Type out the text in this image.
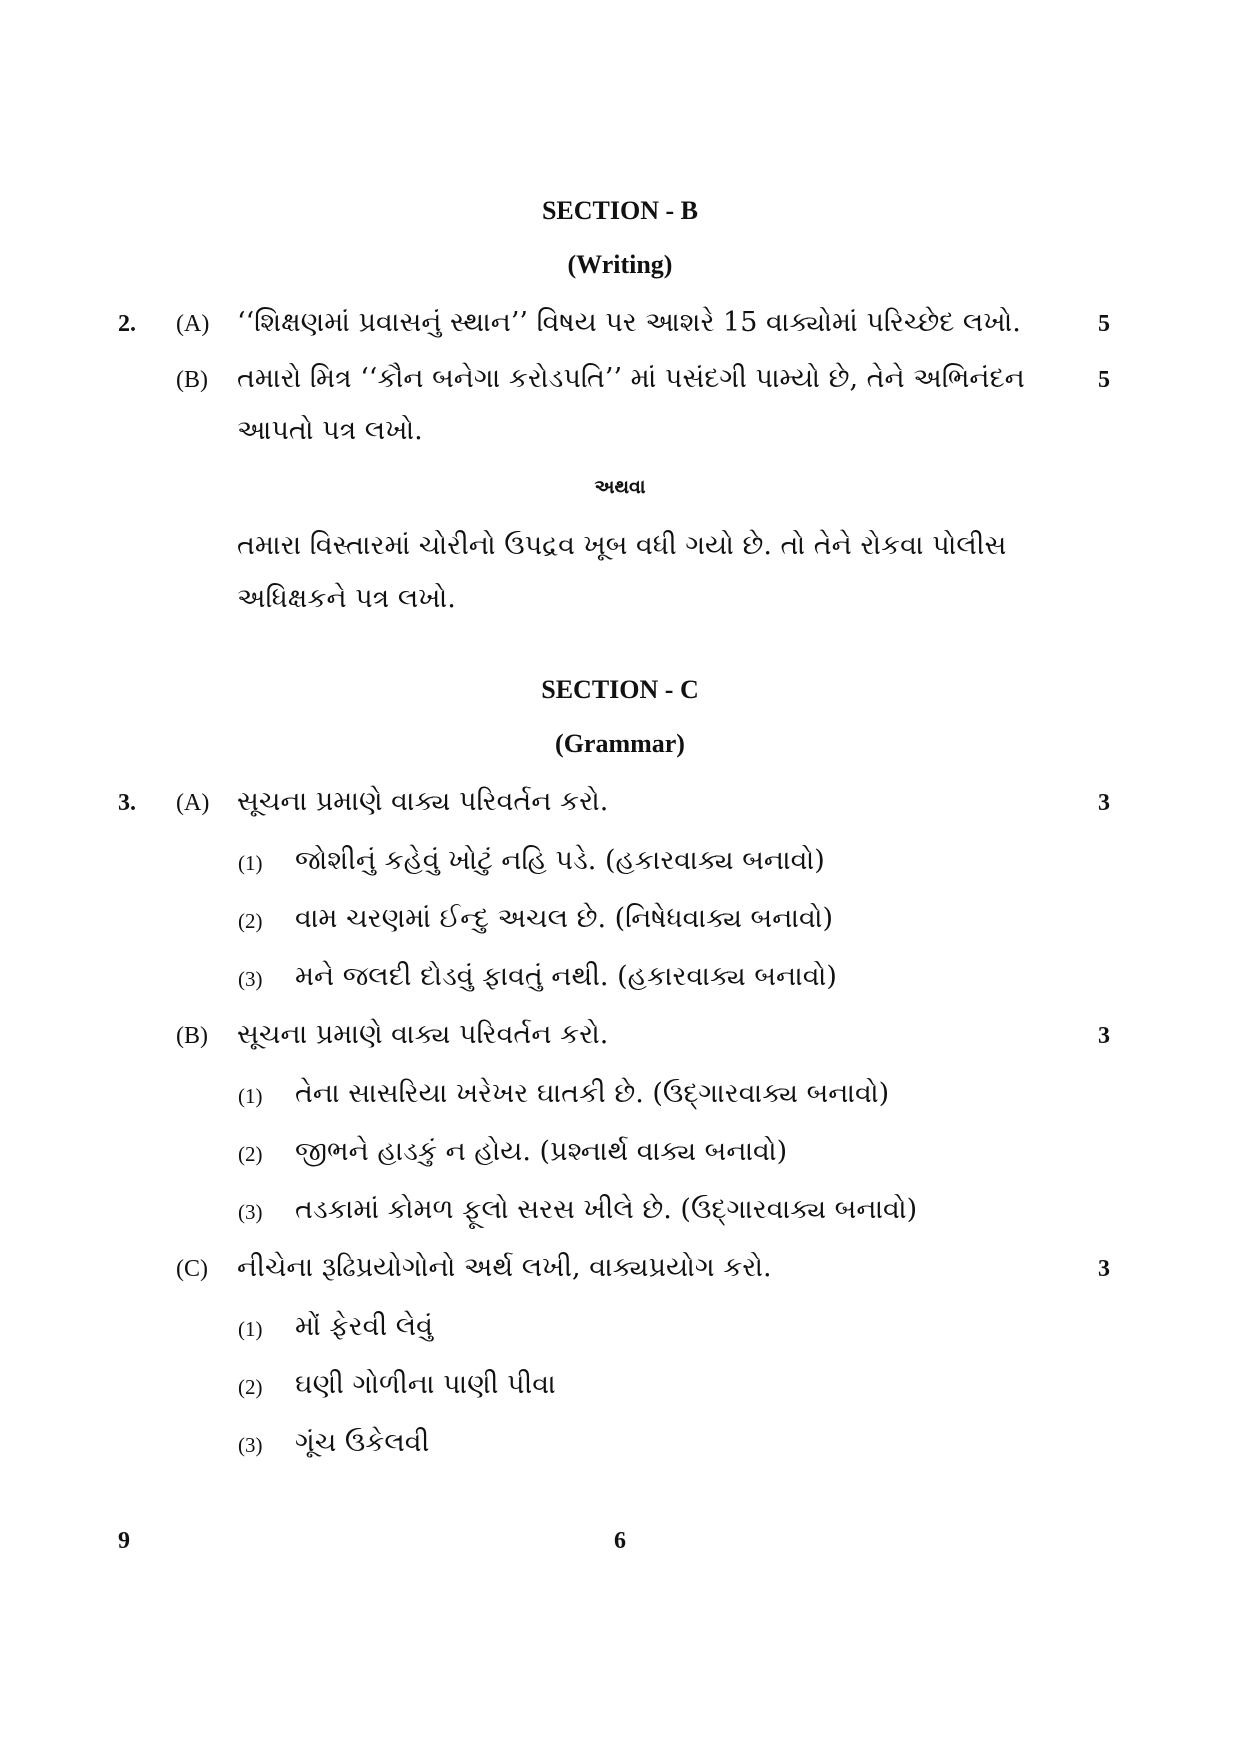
SECTION - B
(Writing)
2. (A) ‘‘શિક્ષણમાં પ્રવાસનું સ્થાન’’ વિષય પર આશરે 15 વાક્યોમાં પરિચ્છેદ લખો.	5
(B) તમારો મિત્ર ‘‘કૌન બનેગા કરોડપતિ’’ માં પસંદગી પામ્યો છે, તેને અભિનંદન	5
આપતો પત્ર લખો.
અથવા
તમારા વિસ્તારમાં ચોરીનો ઉપદ્રવ ખૂબ વધી ગયો છે. તો તેને રોકવા પોલીસ
અધિક્ષકને પત્ર લખો.
SECTION - C
(Grammar)
3. (A) સૂચના પ્રમાણે વાક્ય પરિવર્તન કરો.	3
(1) જોશીનું કહેવું ખોટું નહિ પડે. (હકારવાક્ય બનાવો)
(2) વામ ચરણમાં ઈન્દુ અચલ છે. (નિષેધવાક્ય બનાવો)
(3) મને જલદી દોડવું ફાવતું નથી. (હકારવાક્ય બનાવો)
(B) સૂચના પ્રમાણે વાક્ય પરિવર્તન કરો.	3
(1) તેના સાસરિયા ખરેખર ઘાતકી છે. (ઉદ્‌ગારવાક્ય બનાવો)
(2) જીભને હાડકું ન હોય. (પ્રશ્નાર્થ વાક્ય બનાવો)
(3) તડકામાં કોમળ ફૂલો સરસ ખીલે છે. (ઉદ્‌ગારવાક્ય બનાવો)
(C) નીચેના રૂઢિપ્રયોગોનો અર્થ લખી, વાક્યપ્રયોગ કરો.	3
(1) મોં ફેરવી લેવું
(2) ઘણી ગોળીના પાણી પીવા
(3) ગૂંચ ઉકેલવી
9	6
